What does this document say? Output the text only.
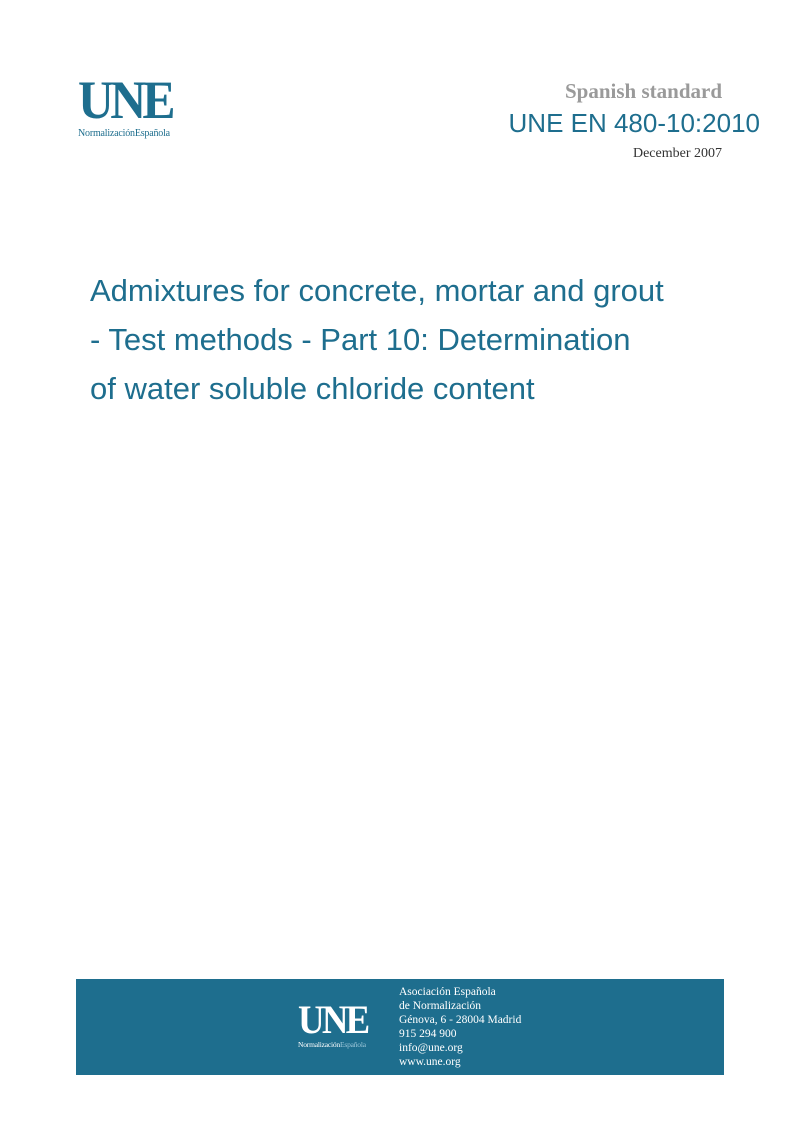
UNE
NormalizaciónEspañola
Spanish standard
UNE EN 480-10:2010
December 2007
Admixtures for concrete, mortar and grout
- Test methods - Part 10: Determination
of water soluble chloride content
UNE
NormalizaciónEspañola
Asociación Española
de Normalización
Génova, 6 - 28004 Madrid
915 294 900
info@une.org
www.une.org
